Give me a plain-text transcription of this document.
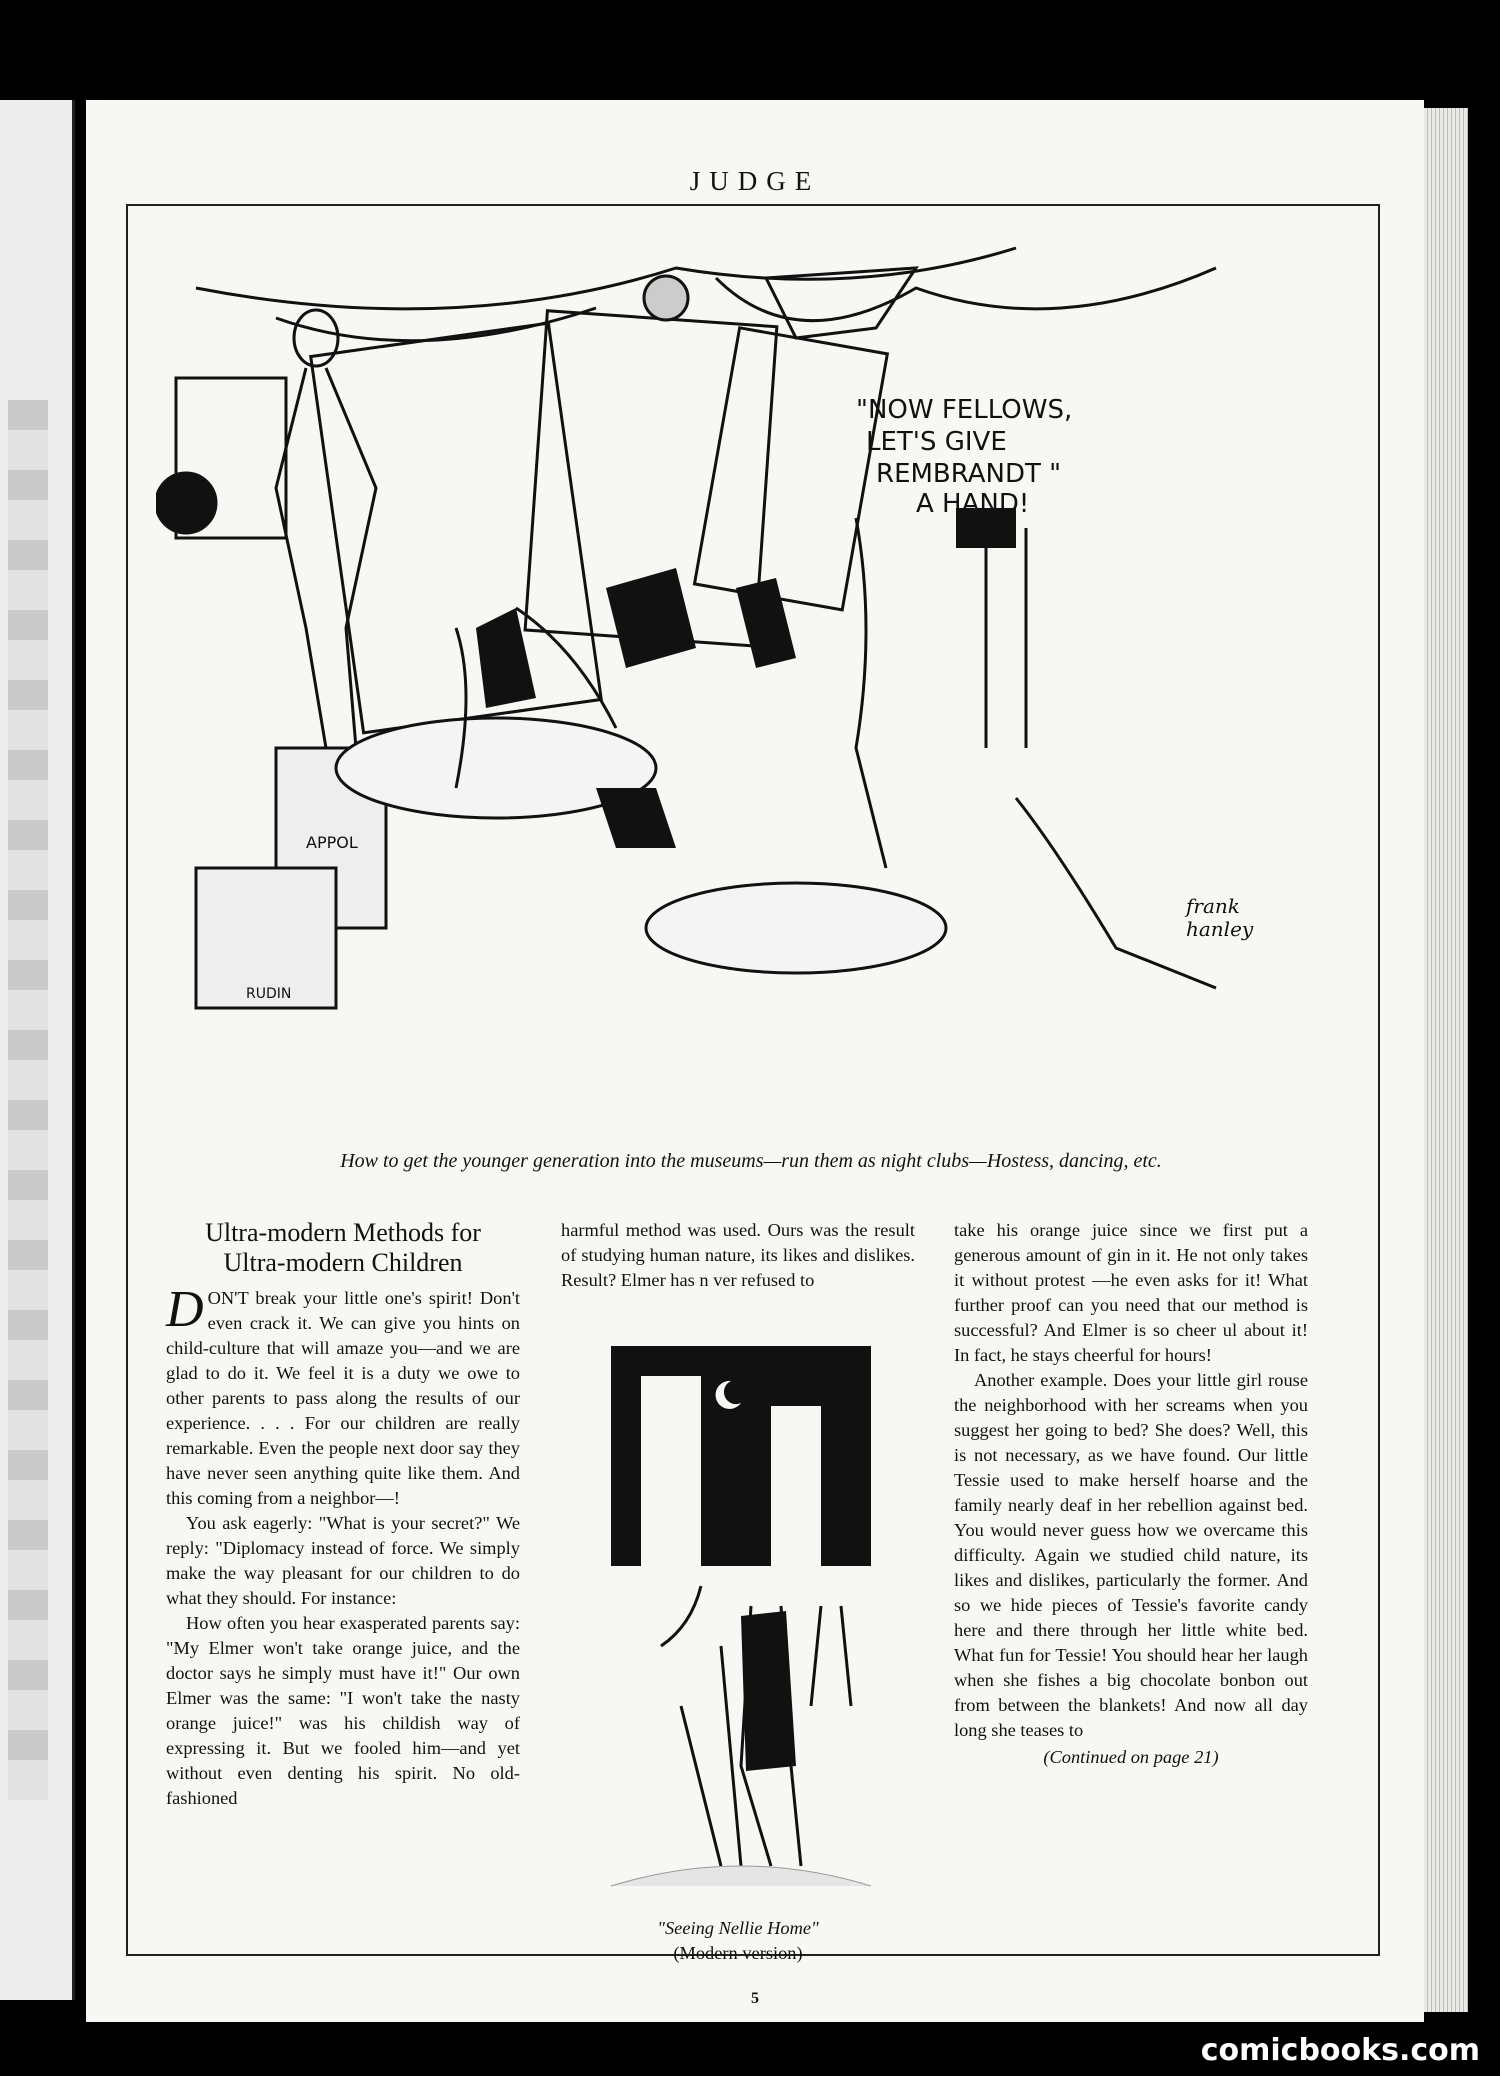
JUDGE
"NOW FELLOWS,
LET'S GIVE
REMBRANDT "
A HAND!
APPOL
RUDIN
frank
hanley
How to get the younger generation into the museums—run them as night clubs—Hostess, dancing, etc.
Ultra-modern Methods for
Ultra-modern Children

DON'T break your little one's spirit! Don't even crack it. We can give you hints on child-culture that will amaze you—and we are glad to do it. We feel it is a duty we owe to other parents to pass along the results of our experience. . . . For our children are really remarkable. Even the people next door say they have never seen anything quite like them. And this coming from a neighbor—!

You ask eagerly: "What is your secret?" We reply: "Diplomacy instead of force. We simply make the way pleasant for our children to do what they should. For instance:

How often you hear exasperated parents say: "My Elmer won't take orange juice, and the doctor says he simply must have it!" Our own Elmer was the same: "I won't take the nasty orange juice!" was his childish way of expressing it. But we fooled him—and yet without even denting his spirit. No old-fashioned

harmful method was used. Ours was the result of studying human nature, its likes and dislikes. Result? Elmer has n ver refused to

"Seeing Nellie Home"
(Modern version)

take his orange juice since we first put a generous amount of gin in it. He not only takes it without protest —he even asks for it! What further proof can you need that our method is successful? And Elmer is so cheer ul about it! In fact, he stays cheerful for hours!

Another example. Does your little girl rouse the neighborhood with her screams when you suggest her going to bed? She does? Well, this is not necessary, as we have found. Our little Tessie used to make herself hoarse and the family nearly deaf in her rebellion against bed. You would never guess how we overcame this difficulty. Again we studied child nature, its likes and dislikes, particularly the former. And so we hide pieces of Tessie's favorite candy here and there through her little white bed. What fun for Tessie! You should hear her laugh when she fishes a big chocolate bonbon out from between the blankets! And now all day long she teases to

(Continued on page 21)
5
comicbooks.com
